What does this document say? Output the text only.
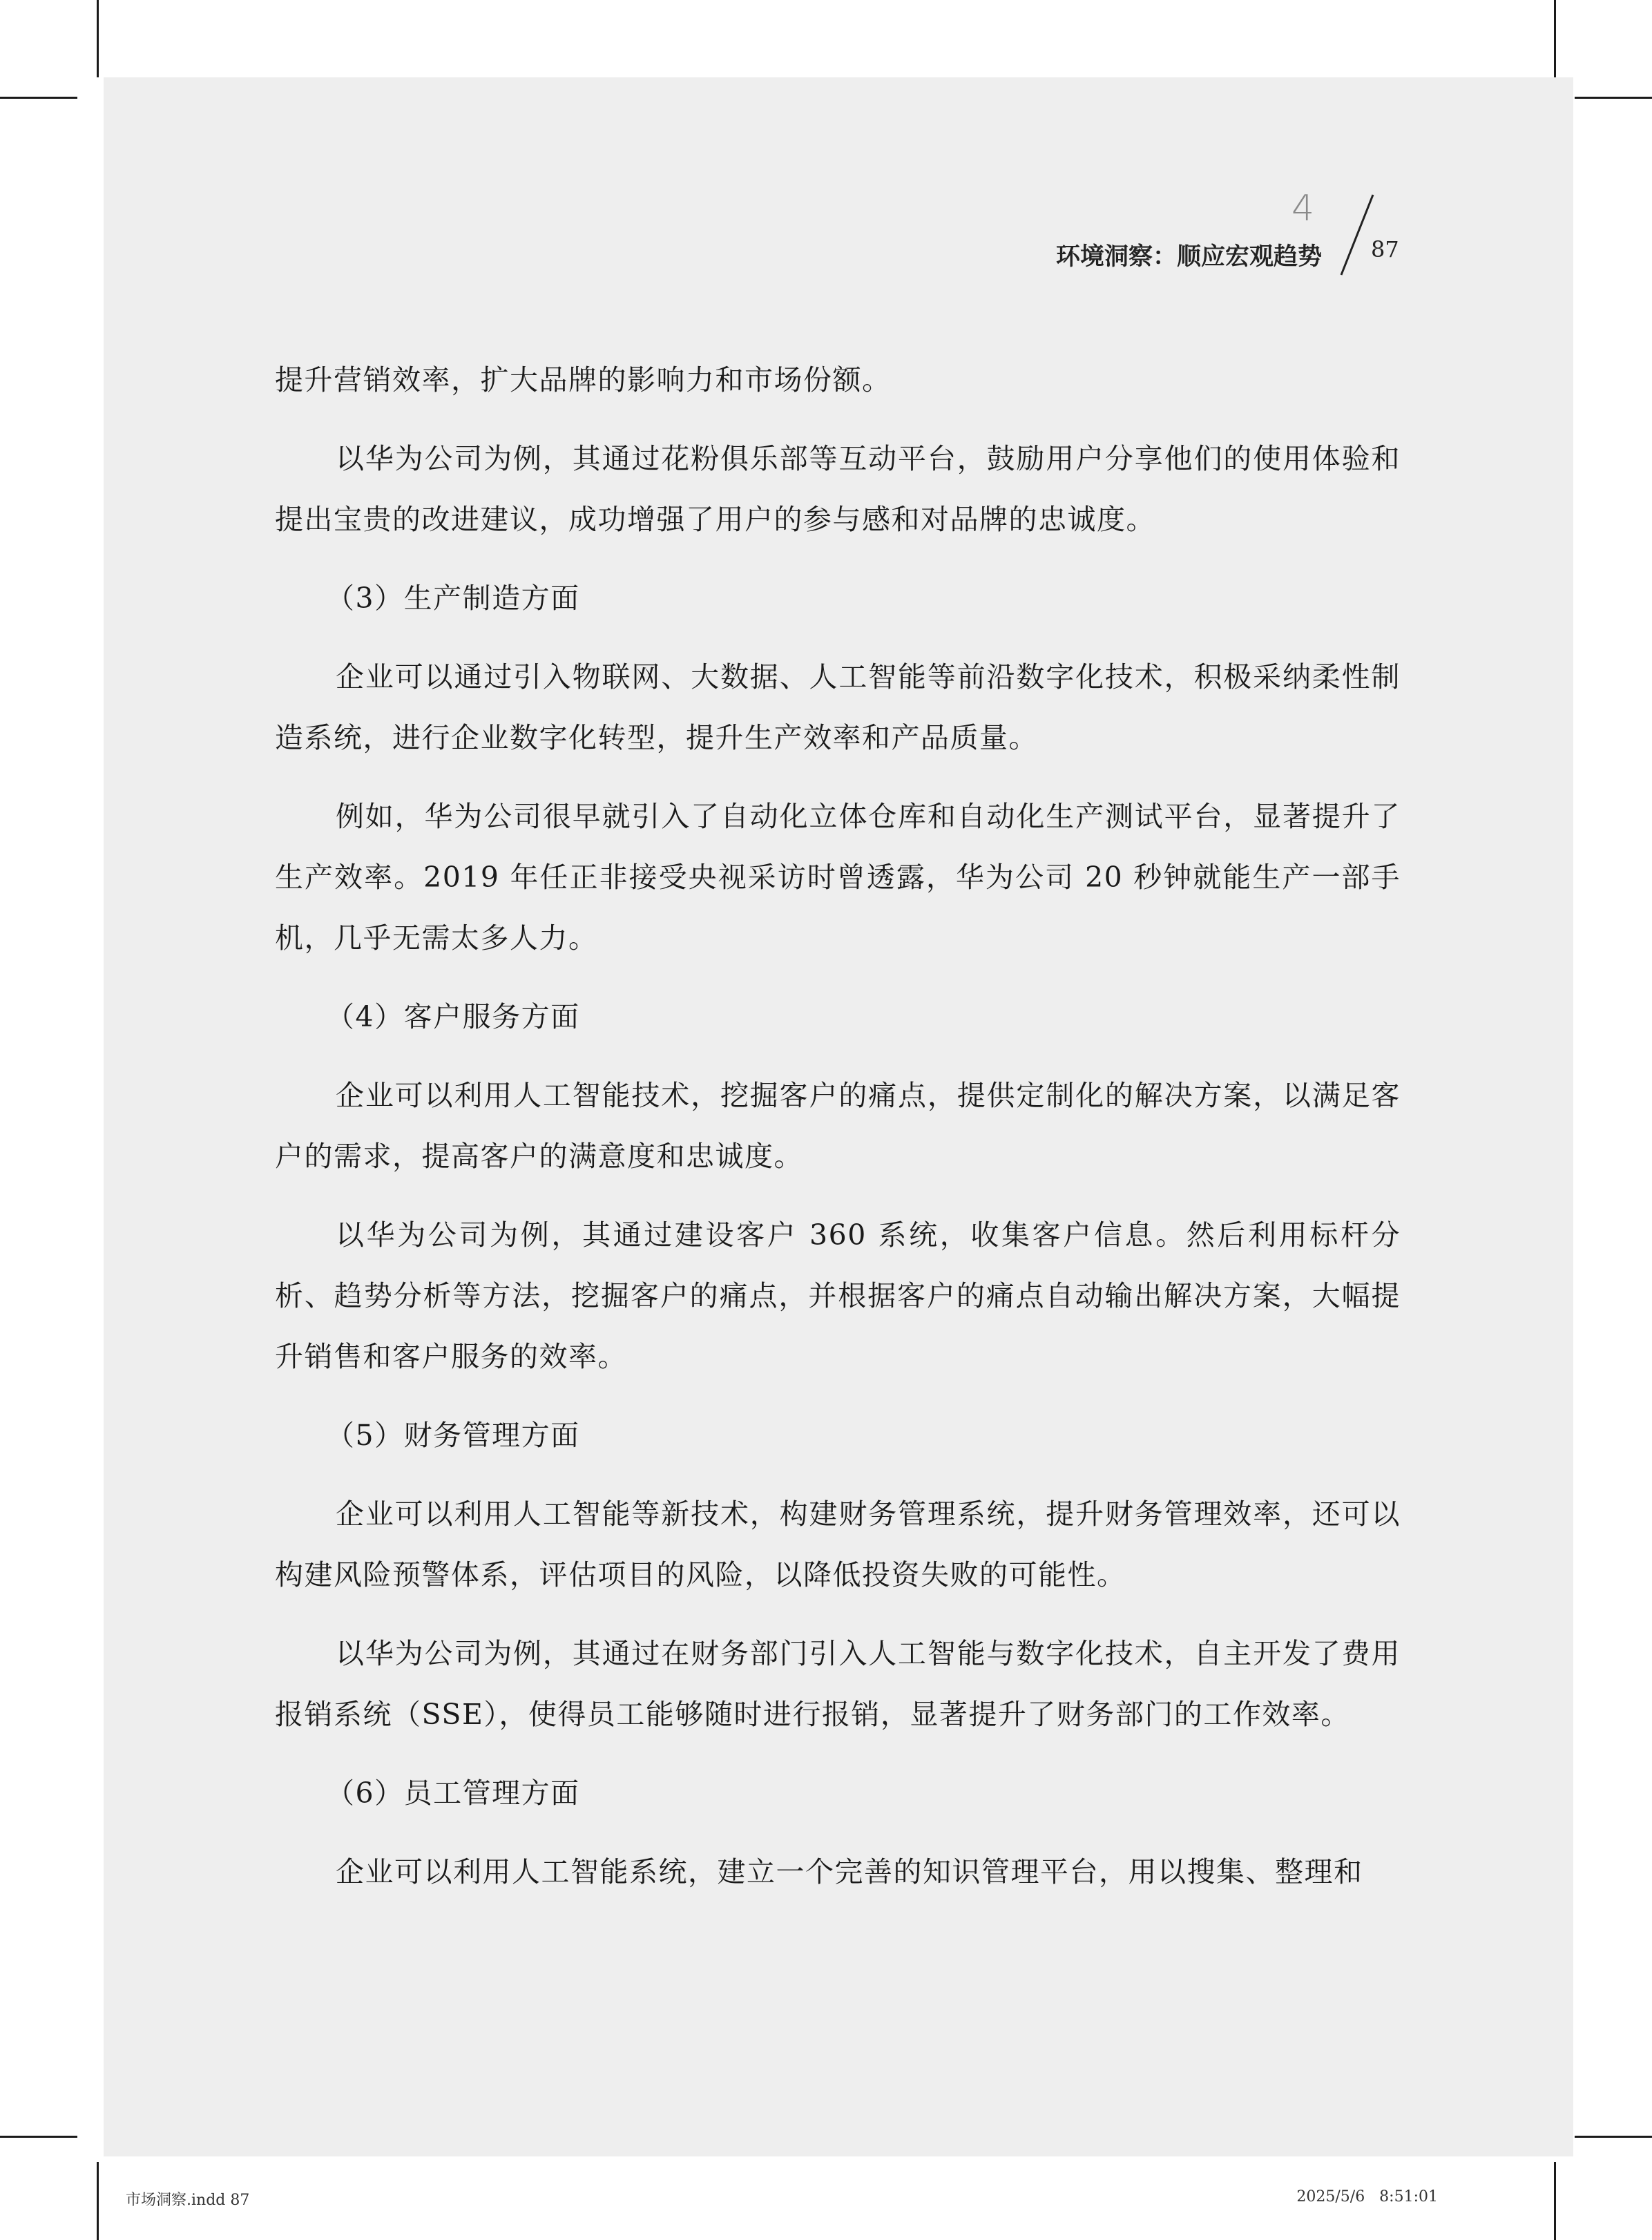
4
环境洞察：顺应宏观趋势 87

提升营销效率，扩大品牌的影响力和市场份额。

以华为公司为例，其通过花粉俱乐部等互动平台，鼓励用户分享他们的使用体验和提出宝贵的改进建议，成功增强了用户的参与感和对品牌的忠诚度。

（3）生产制造方面

企业可以通过引入物联网、大数据、人工智能等前沿数字化技术，积极采纳柔性制造系统，进行企业数字化转型，提升生产效率和产品质量。

例如，华为公司很早就引入了自动化立体仓库和自动化生产测试平台，显著提升了生产效率。2019 年任正非接受央视采访时曾透露，华为公司 20 秒钟就能生产一部手机，几乎无需太多人力。

（4）客户服务方面

企业可以利用人工智能技术，挖掘客户的痛点，提供定制化的解决方案，以满足客户的需求，提高客户的满意度和忠诚度。

以华为公司为例，其通过建设客户 360 系统，收集客户信息。然后利用标杆分析、趋势分析等方法，挖掘客户的痛点，并根据客户的痛点自动输出解决方案，大幅提升销售和客户服务的效率。

（5）财务管理方面

企业可以利用人工智能等新技术，构建财务管理系统，提升财务管理效率，还可以构建风险预警体系，评估项目的风险，以降低投资失败的可能性。

以华为公司为例，其通过在财务部门引入人工智能与数字化技术，自主开发了费用报销系统（SSE），使得员工能够随时进行报销，显著提升了财务部门的工作效率。

（6）员工管理方面

企业可以利用人工智能系统，建立一个完善的知识管理平台，用以搜集、整理和

市场洞察.indd 87	2025/5/6   8:51:01
